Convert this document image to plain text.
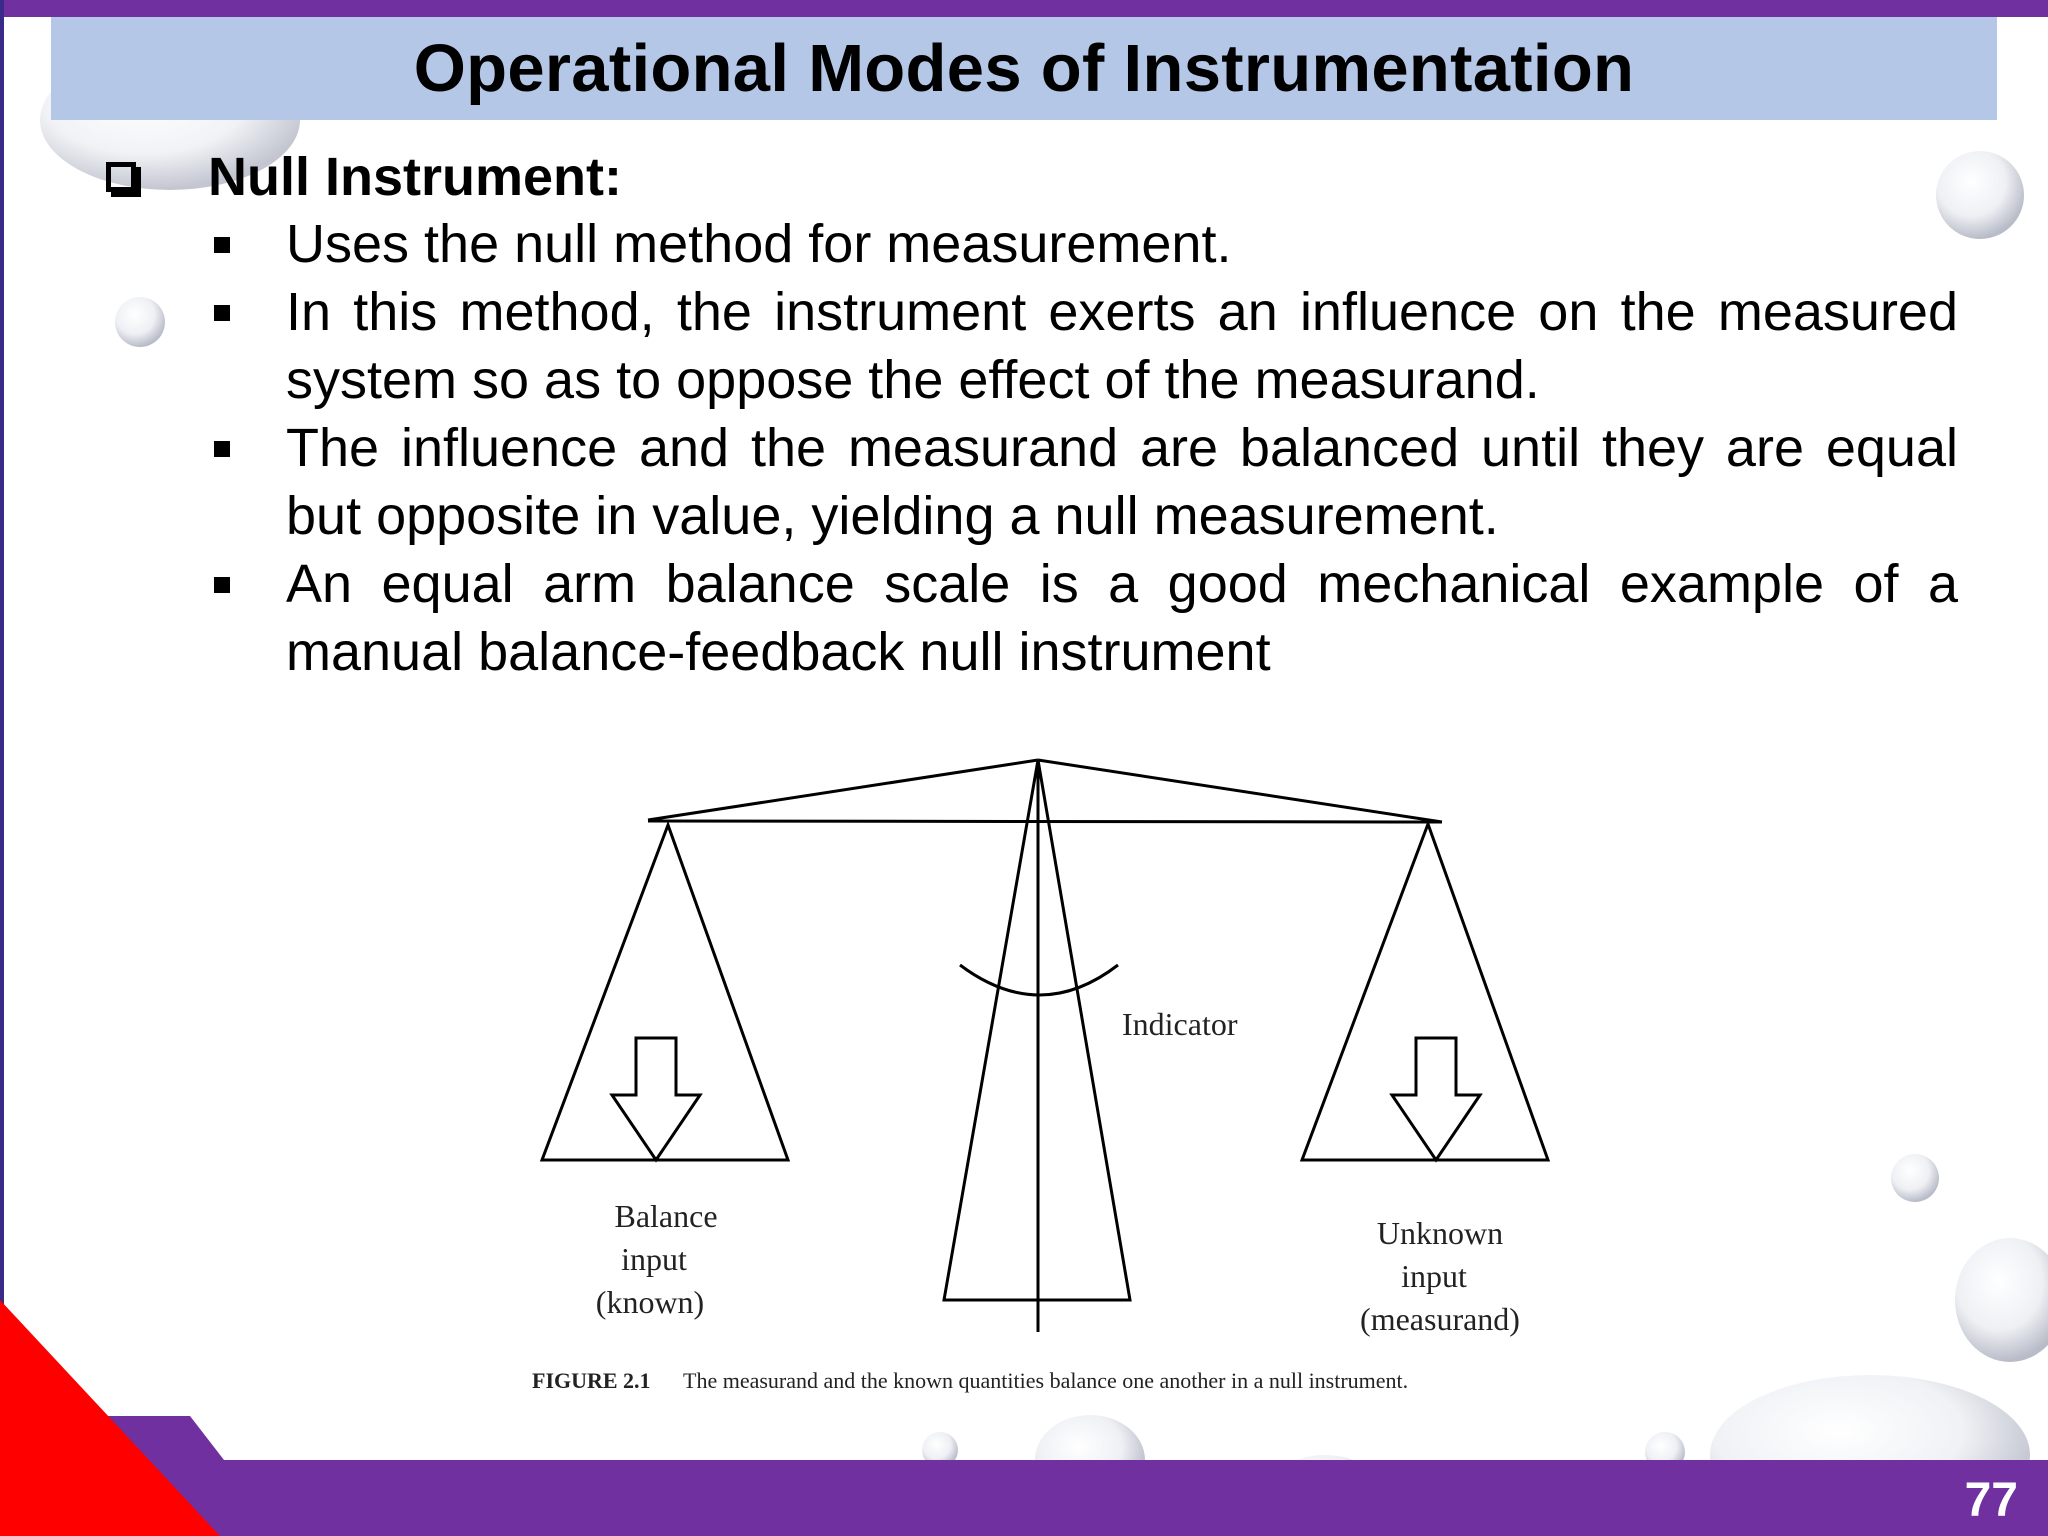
Operational Modes of Instrumentation
Null Instrument:
Uses the null method for measurement.
In this method, the instrument exerts an influence on the measured system so as to oppose the effect of the measurand.
The influence and the measurand are balanced until they are equal but opposite in value, yielding a null measurement.
An equal arm balance scale is a good mechanical example of a manual balance-feedback null instrument
Indicator
Balance
input
(known)
Unknown
input
(measurand)
FIGURE 2.1 The measurand and the known quantities balance one another in a null instrument.
77
